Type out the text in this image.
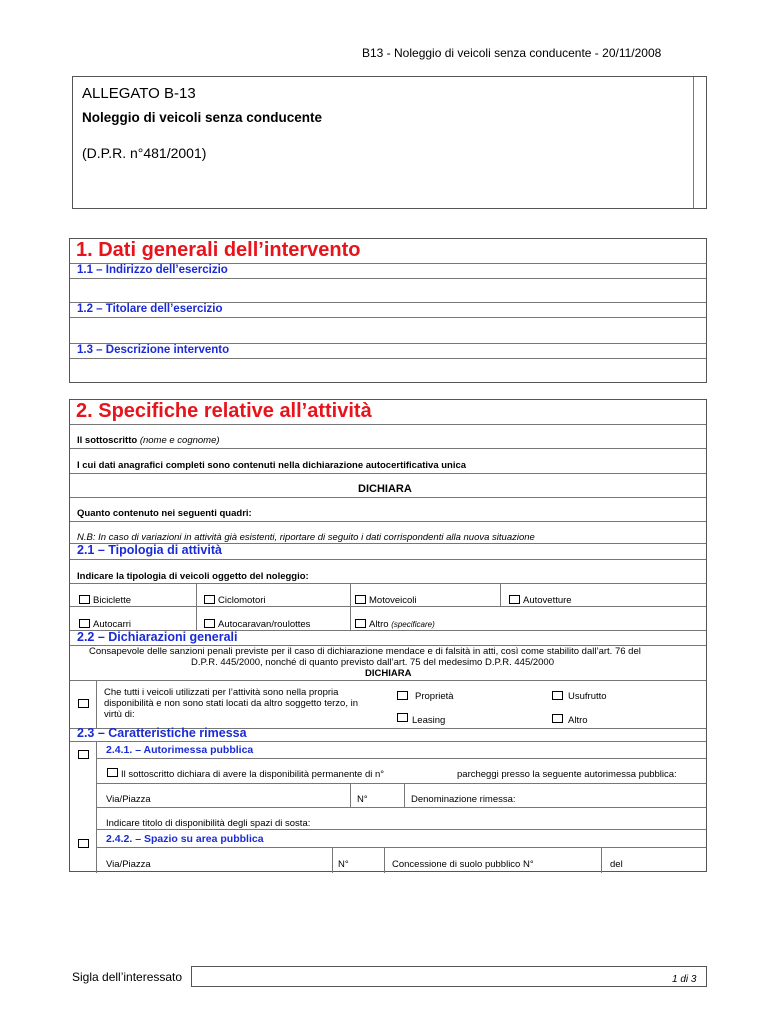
B13 - Noleggio di veicoli senza conducente - 20/11/2008
ALLEGATO B-13
Noleggio di veicoli senza conducente
(D.P.R. n°481/2001)
1. Dati generali dell’intervento
1.1 – Indirizzo dell’esercizio
1.2 – Titolare dell’esercizio
1.3 – Descrizione intervento
2. Specifiche relative all’attività
Il sottoscritto (nome e cognome)
I cui dati anagrafici completi sono contenuti nella dichiarazione autocertificativa unica
DICHIARA
Quanto contenuto nei seguenti quadri:
N.B: In caso di variazioni in attività già esistenti, riportare di seguito i dati corrispondenti alla nuova situazione
2.1 – Tipologia di attività
Indicare la tipologia di veicoli oggetto del noleggio:
Biciclette	Ciclomotori	Motoveicoli	Autovetture
Autocarri	Autocaravan/roulottes	Altro (specificare)
2.2 – Dichiarazioni generali
Consapevole delle sanzioni penali previste per il caso di dichiarazione mendace e di falsità in atti, così come stabilito dall’art. 76 del
D.P.R. 445/2000, nonché di quanto previsto dall’art. 75 del medesimo D.P.R. 445/2000
DICHIARA
Che tutti i veicoli utilizzati per l’attività sono nella propria
disponibilità e non sono stati locati da altro soggetto terzo, in
virtù di:
Proprietà	Usufrutto
Leasing	Altro
2.3 – Caratteristiche rimessa
2.4.1. – Autorimessa pubblica
Il sottoscritto dichiara di avere la disponibilità permanente di n°	parcheggi presso la seguente autorimessa pubblica:
Via/Piazza	N°	Denominazione rimessa:
Indicare titolo di disponibilità degli spazi di sosta:
2.4.2. – Spazio su area pubblica
Via/Piazza	N°	Concessione di suolo pubblico N°	del
Sigla dell’interessato	1 di 3
